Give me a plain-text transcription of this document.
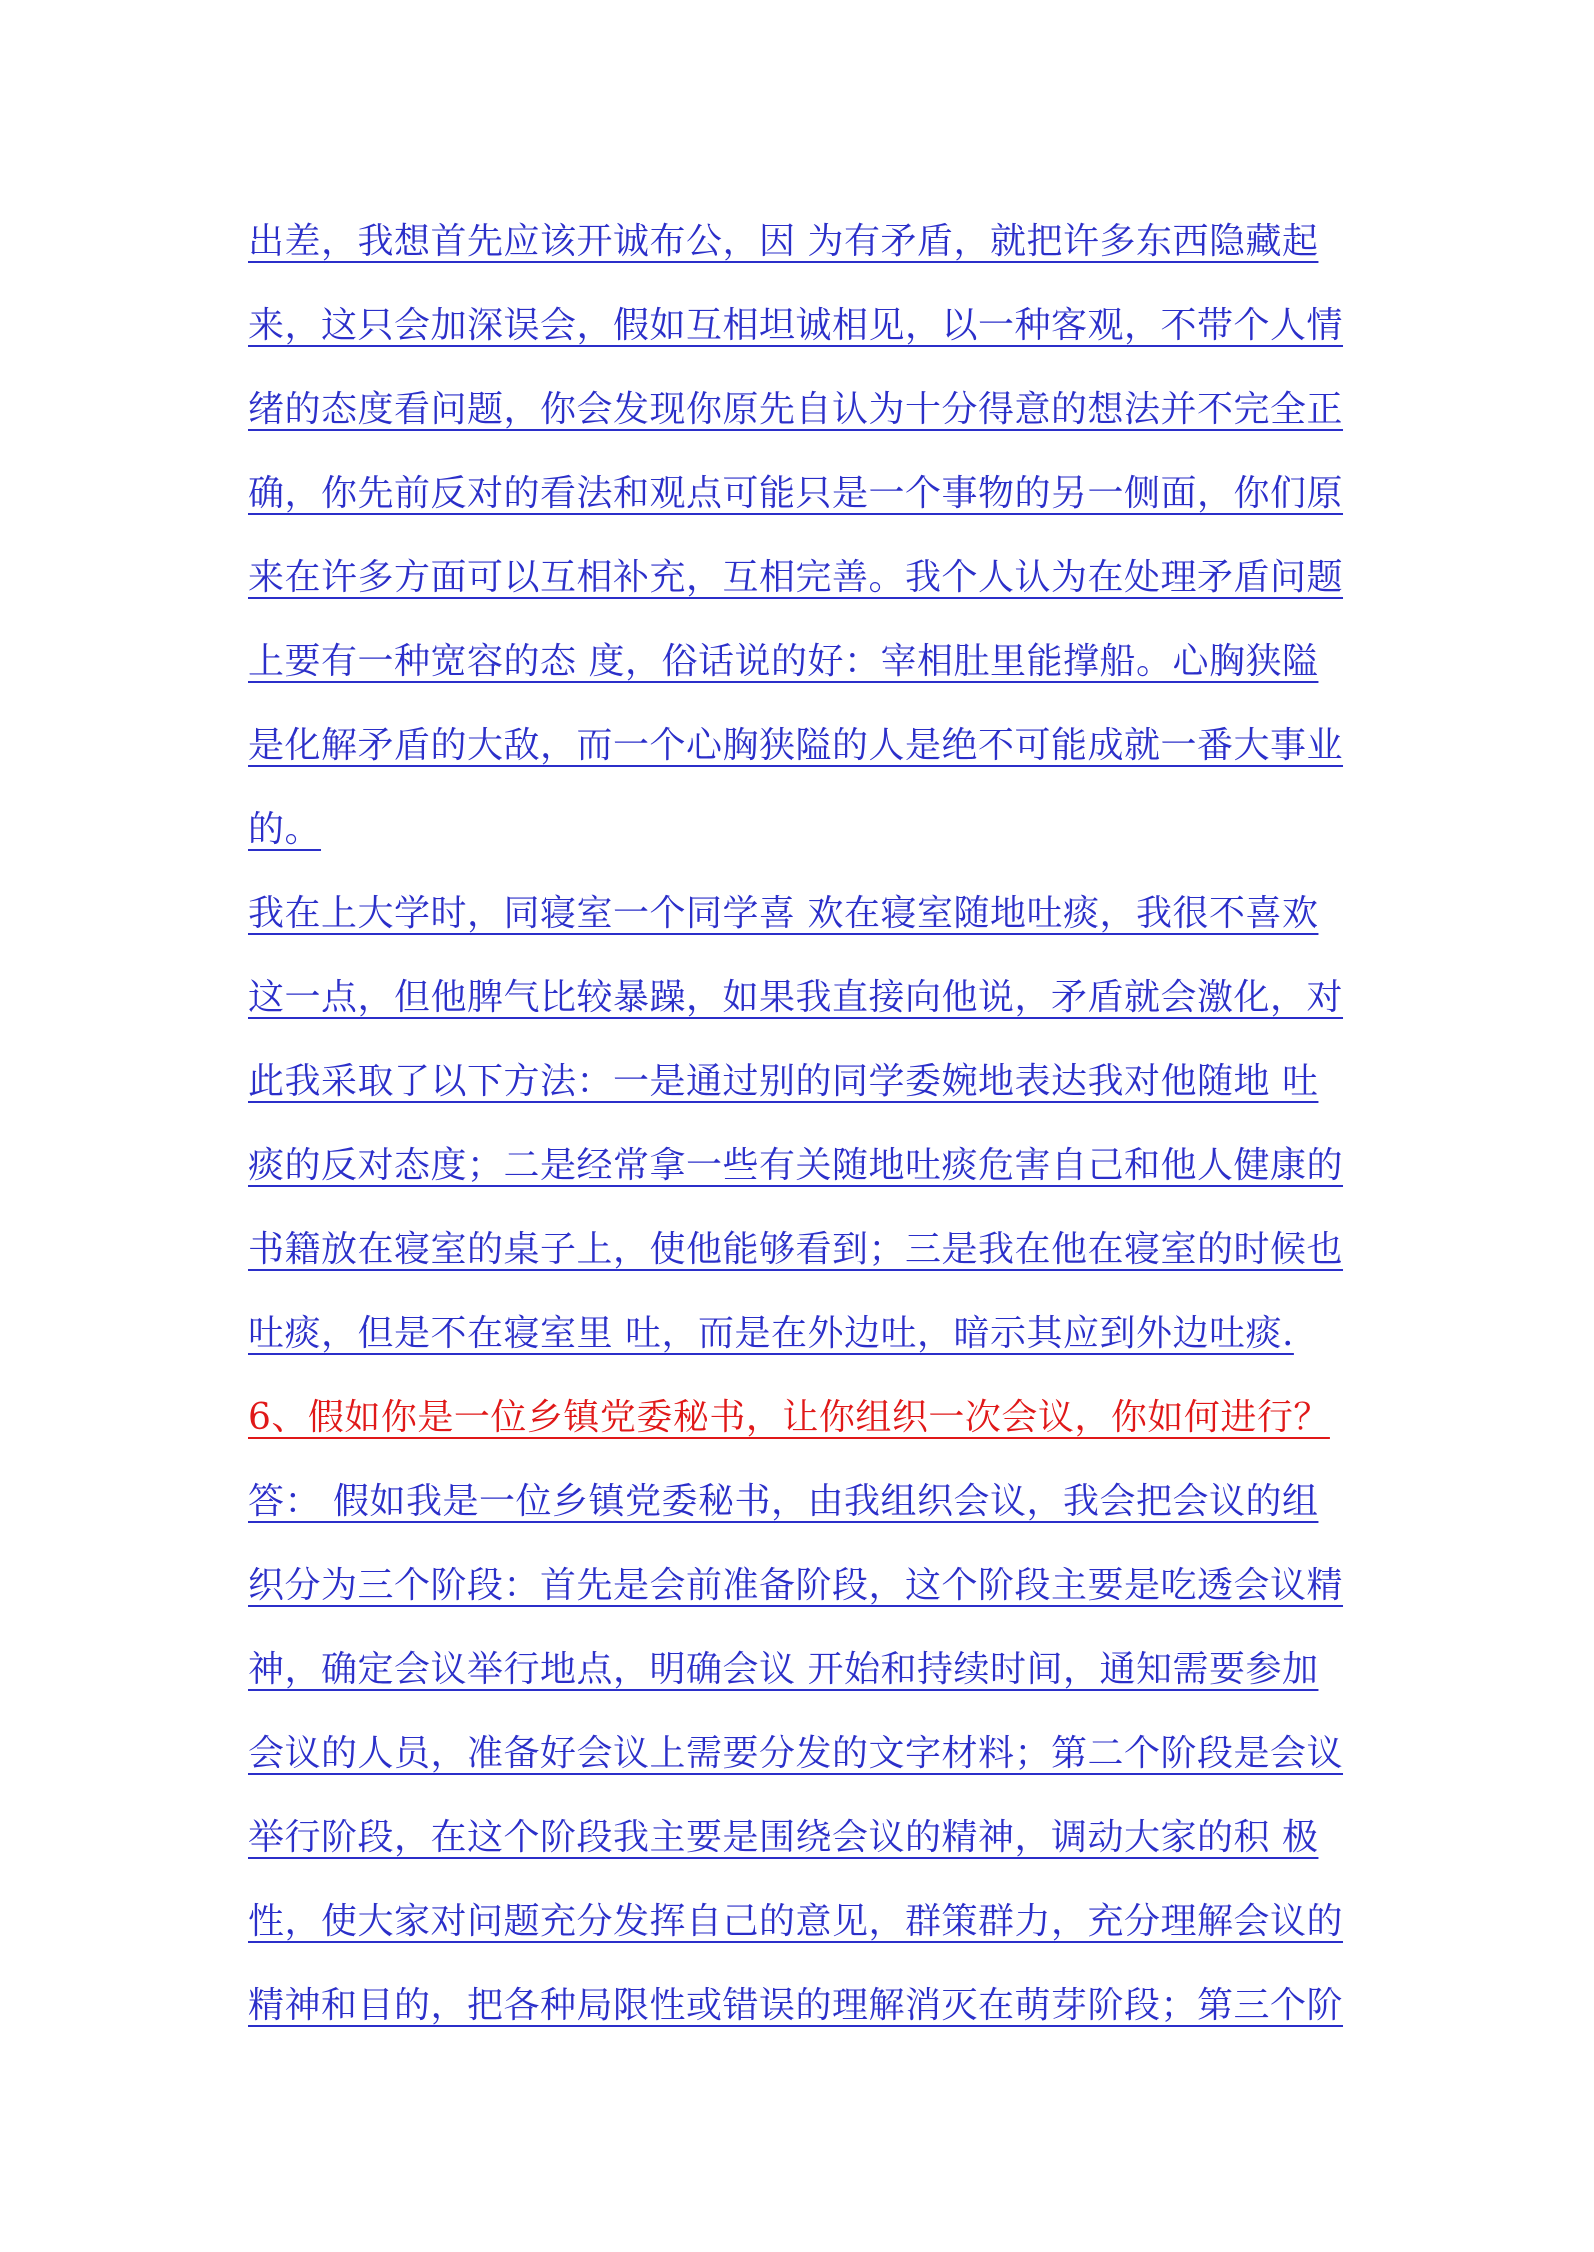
出差，我想首先应该开诚布公，因 为有矛盾，就把许多东西隐藏起
来，这只会加深误会，假如互相坦诚相见，以一种客观，不带个人情
绪的态度看问题，你会发现你原先自认为十分得意的想法并不完全正
确，你先前反对的看法和观点可能只是一个事物的另一侧面，你们原
来在许多方面可以互相补充，互相完善。我个人认为在处理矛盾问题
上要有一种宽容的态 度，俗话说的好：宰相肚里能撑船。心胸狭隘
是化解矛盾的大敌，而一个心胸狭隘的人是绝不可能成就一番大事业
的。
我在上大学时，同寝室一个同学喜 欢在寝室随地吐痰，我很不喜欢
这一点，但他脾气比较暴躁，如果我直接向他说，矛盾就会激化，对
此我采取了以下方法：一是通过别的同学委婉地表达我对他随地 吐
痰的反对态度；二是经常拿一些有关随地吐痰危害自己和他人健康的
书籍放在寝室的桌子上，使他能够看到；三是我在他在寝室的时候也
吐痰，但是不在寝室里 吐，而是在外边吐，暗示其应到外边吐痰.
6、假如你是一位乡镇党委秘书，让你组织一次会议，你如何进行？
答： 假如我是一位乡镇党委秘书，由我组织会议，我会把会议的组
织分为三个阶段：首先是会前准备阶段，这个阶段主要是吃透会议精
神，确定会议举行地点，明确会议 开始和持续时间，通知需要参加
会议的人员，准备好会议上需要分发的文字材料；第二个阶段是会议
举行阶段，在这个阶段我主要是围绕会议的精神，调动大家的积 极
性，使大家对问题充分发挥自己的意见，群策群力，充分理解会议的
精神和目的，把各种局限性或错误的理解消灭在萌芽阶段；第三个阶
